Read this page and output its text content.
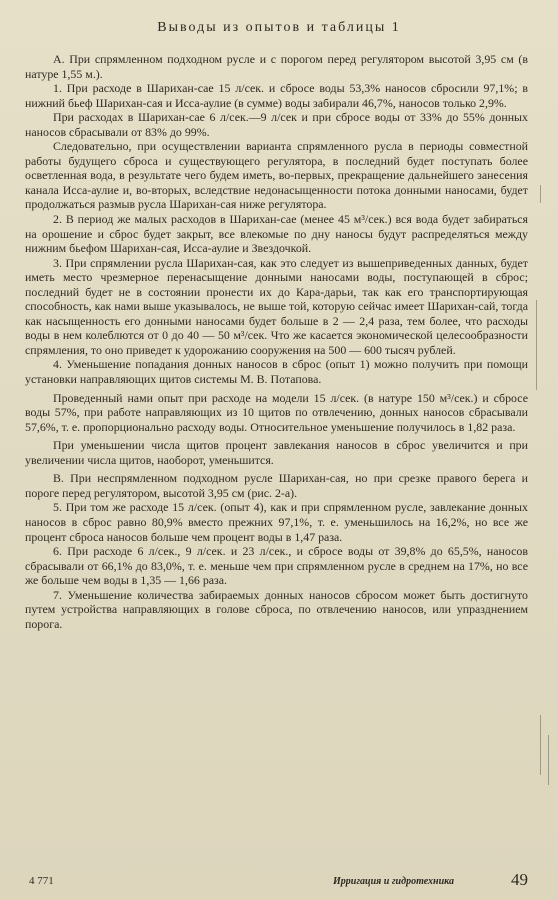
Выводы из опытов и таблицы 1

А. При спрямленном подходном русле и с порогом перед регулятором высотой 3,95 см (в натуре 1,55 м.).

1. При расходе в Шарихан-сае 15 л/сек. и сбросе воды 53,3% наносов сбросили 97,1%; в нижний бьеф Шарихан-сая и Исса-аулие (в сумме) воды забирали 46,7%, наносов только 2,9%.

При расходах в Шарихан-сае 6 л/сек.—9 л/сек и при сбросе воды от 33% до 55% донных наносов сбрасывали от 83% до 99%.

Следовательно, при осуществлении варианта спрямленного русла в периоды совместной работы будущего сброса и существующего регулятора, в последний будет поступать более осветленная вода, в результате чего будем иметь, во-первых, прекращение дальнейшего занесения канала Исса-аулие и, во-вторых, вследствие недонасыщенности потока донными наносами, будет продолжаться размыв русла Шарихан-сая ниже регулятора.

2. В период же малых расходов в Шарихан-сае (менее 45 м³/сек.) вся вода будет забираться на орошение и сброс будет закрыт, все влекомые по дну наносы будут распределяться между нижним бьефом Шарихан-сая, Исса-аулие и Звездочкой.

3. При спрямлении русла Шарихан-сая, как это следует из вышеприведенных данных, будет иметь место чрезмерное перенасыщение донными наносами воды, поступающей в сброс; последний будет не в состоянии пронести их до Кара-дарьи, так как его транспортирующая способность, как нами выше указывалось, не выше той, которую сейчас имеет Шарихан-сай, тогда как насыщенность его донными наносами будет больше в 2 — 2,4 раза, тем более, что расходы воды в нем колеблются от 0 до 40 — 50 м³/сек. Что же касается экономической целесообразности спрямления, то оно приведет к удорожанию сооружения на 500 — 600 тысяч рублей.

4. Уменьшение попадания донных наносов в сброс (опыт 1) можно получить при помощи установки направляющих щитов системы М. В. Потапова.

Проведенный нами опыт при расходе на модели 15 л/сек. (в натуре 150 м³/сек.) и сбросе воды 57%, при работе направляющих из 10 щитов по отвлечению, донных наносов сбрасывали 57,6%, т. е. пропорционально расходу воды. Относительное уменьшение получилось в 1,82 раза.

При уменьшении числа щитов процент завлекания наносов в сброс увеличится и при увеличении числа щитов, наоборот, уменьшится.

В. При неспрямленном подходном русле Шарихан-сая, но при срезке правого берега и пороге перед регулятором, высотой 3,95 см (рис. 2-а).

5. При том же расходе 15 л/сек. (опыт 4), как и при спрямленном русле, завлекание донных наносов в сброс равно 80,9% вместо прежних 97,1%, т. е. уменьшилось на 16,2%, но все же процент сброса наносов больше чем процент воды в 1,47 раза.

6. При расходе 6 л/сек., 9 л/сек. и 23 л/сек., и сбросе воды от 39,8% до 65,5%, наносов сбрасывали от 66,1% до 83,0%, т. е. меньше чем при спрямленном русле в среднем на 17%, но все же больше чем воды в 1,35 — 1,66 раза.

7. Уменьшение количества забираемых донных наносов сбросом может быть достигнуто путем устройства направляющих в голове сброса, по отвлечению наносов, или упразднением порога.

4 771	Ирригация и гидротехника	49
